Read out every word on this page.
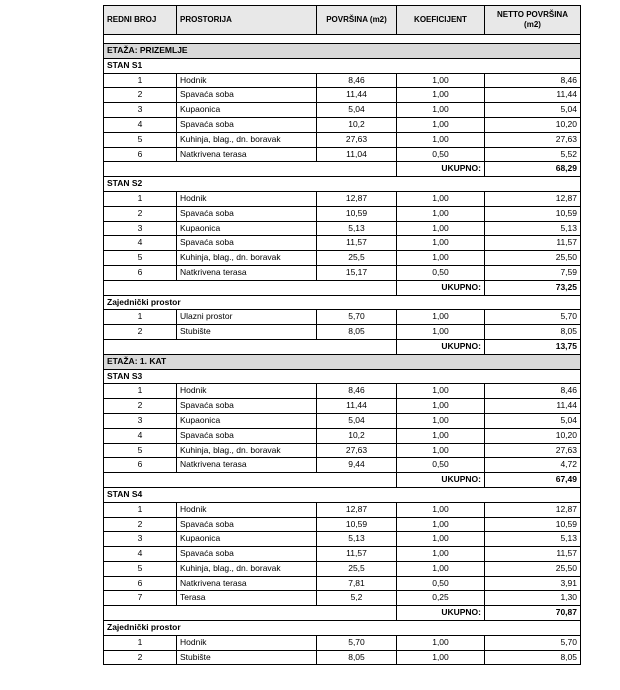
REDNI BROJ	PROSTORIJA	POVRŠINA (m2)	KOEFICIJENT	NETTO POVRŠINA (m2)

ETAŽA: PRIZEMLJE				
STAN S1				
1	Hodnik	8,46	1,00	8,46
2	Spavaća soba	11,44	1,00	11,44
3	Kupaonica	5,04	1,00	5,04
4	Spavaća soba	10,2	1,00	10,20
5	Kuhinja, blag., dn. boravak	27,63	1,00	27,63
6	Natkrivena terasa	11,04	0,50	5,52
			UKUPNO:	68,29
STAN S2				
1	Hodnik	12,87	1,00	12,87
2	Spavaća soba	10,59	1,00	10,59
3	Kupaonica	5,13	1,00	5,13
4	Spavaća soba	11,57	1,00	11,57
5	Kuhinja, blag., dn. boravak	25,5	1,00	25,50
6	Natkrivena terasa	15,17	0,50	7,59
			UKUPNO:	73,25
Zajednički prostor				
1	Ulazni prostor	5,70	1,00	5,70
2	Stubište	8,05	1,00	8,05
			UKUPNO:	13,75
ETAŽA: 1. KAT				
STAN S3				
1	Hodnik	8,46	1,00	8,46
2	Spavaća soba	11,44	1,00	11,44
3	Kupaonica	5,04	1,00	5,04
4	Spavaća soba	10,2	1,00	10,20
5	Kuhinja, blag., dn. boravak	27,63	1,00	27,63
6	Natkrivena terasa	9,44	0,50	4,72
			UKUPNO:	67,49
STAN S4				
1	Hodnik	12,87	1,00	12,87
2	Spavaća soba	10,59	1,00	10,59
3	Kupaonica	5,13	1,00	5,13
4	Spavaća soba	11,57	1,00	11,57
5	Kuhinja, blag., dn. boravak	25,5	1,00	25,50
6	Natkrivena terasa	7,81	0,50	3,91
7	Terasa	5,2	0,25	1,30
			UKUPNO:	70,87
Zajednički prostor				
1	Hodnik	5,70	1,00	5,70
2	Stubište	8,05	1,00	8,05
